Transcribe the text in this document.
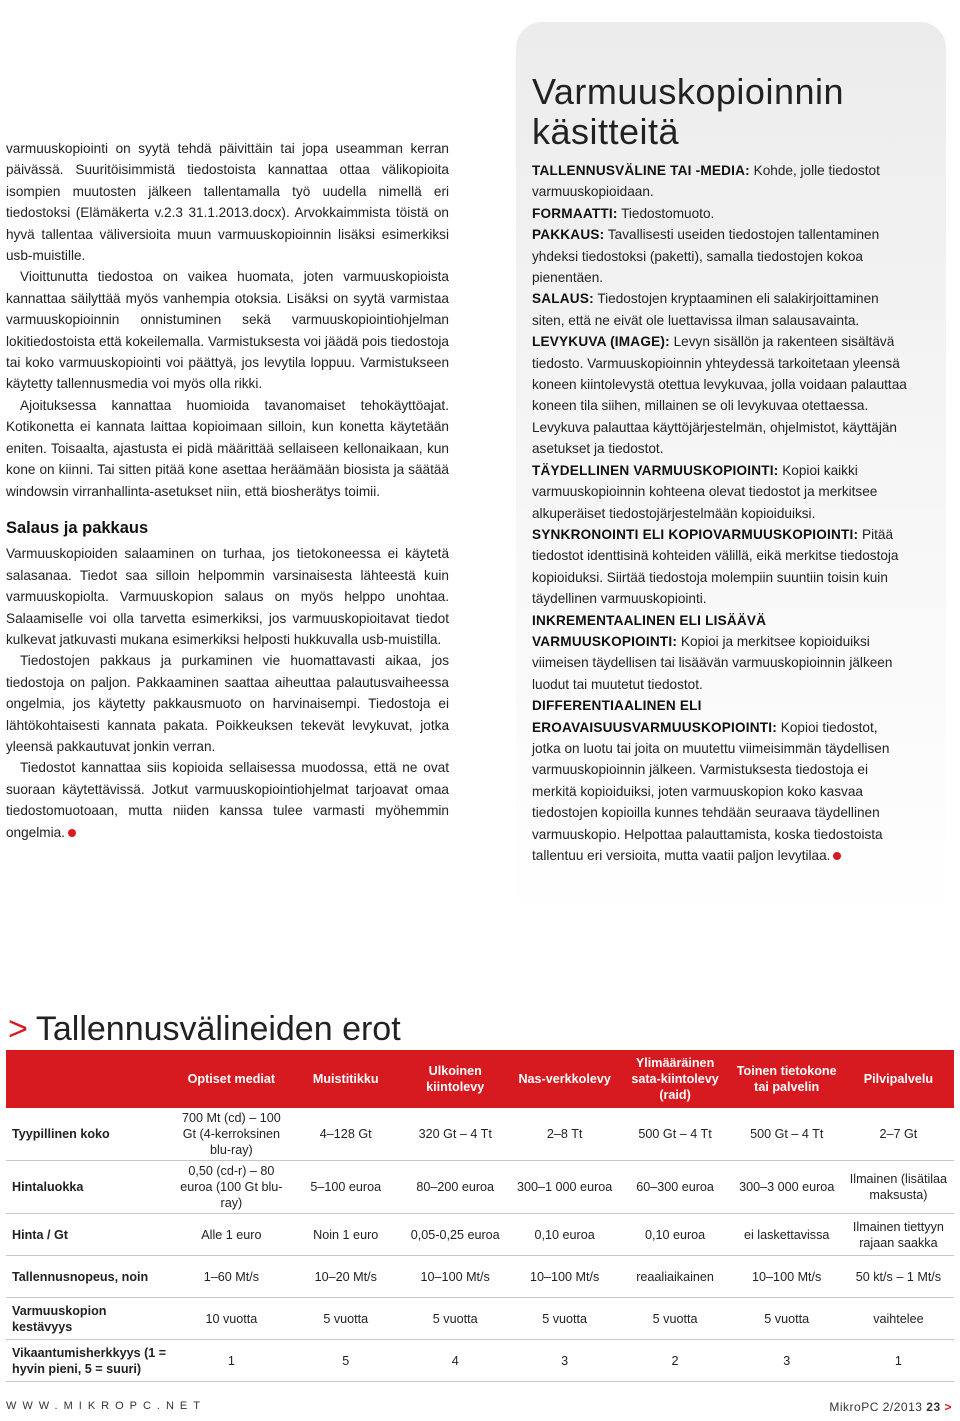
varmuuskopiointi on syytä tehdä päivittäin tai jopa useamman kerran päivässä. Suuritöisimmistä tiedostoista kannattaa ottaa välikopioita isompien muutosten jälkeen tallentamalla työ uudella nimellä eri tiedostoksi (Elämäkerta v.2.3 31.1.2013.docx). Arvokkaimmista töistä on hyvä tallentaa väliversioita muun varmuuskopioinnin lisäksi esimerkiksi usb-muistille.

Vioittunutta tiedostoa on vaikea huomata, joten varmuuskopioista kannattaa säilyttää myös vanhempia otoksia. Lisäksi on syytä varmistaa varmuuskopioinnin onnistuminen sekä varmuuskopiointiohjelman lokitiedostoista että kokeilemalla. Varmistuksesta voi jäädä pois tiedostoja tai koko varmuuskopiointi voi päättyä, jos levytila loppuu. Varmistukseen käytetty tallennusmedia voi myös olla rikki.

Ajoituksessa kannattaa huomioida tavanomaiset tehokäyttöajat. Kotikonetta ei kannata laittaa kopioimaan silloin, kun konetta käytetään eniten. Toisaalta, ajastusta ei pidä määrittää sellaiseen kellonaikaan, kun kone on kiinni. Tai sitten pitää kone asettaa heräämään biosista ja säätää windowsin virranhallinta-asetukset niin, että biosherätys toimii.

Salaus ja pakkaus

Varmuuskopioiden salaaminen on turhaa, jos tietokoneessa ei käytetä salasanaa. Tiedot saa silloin helpommin varsinaisesta lähteestä kuin varmuuskopiolta. Varmuuskopion salaus on myös helppo unohtaa. Salaamiselle voi olla tarvetta esimerkiksi, jos varmuuskopioitavat tiedot kulkevat jatkuvasti mukana esimerkiksi helposti hukkuvalla usb-muistilla.

Tiedostojen pakkaus ja purkaminen vie huomattavasti aikaa, jos tiedostoja on paljon. Pakkaaminen saattaa aiheuttaa palautusvaiheessa ongelmia, jos käytetty pakkausmuoto on harvinaisempi. Tiedostoja ei lähtökohtaisesti kannata pakata. Poikkeuksen tekevät levykuvat, jotka yleensä pakkautuvat jonkin verran.

Tiedostot kannattaa siis kopioida sellaisessa muodossa, että ne ovat suoraan käytettävissä. Jotkut varmuuskopiointiohjelmat tarjoavat omaa tiedostomuotoaan, mutta niiden kanssa tulee varmasti myöhemmin ongelmia.

Varmuuskopioinnin käsitteitä

TALLENNUSVÄLINE TAI -MEDIA: Kohde, jolle tiedostot varmuuskopioidaan.

FORMAATTI: Tiedostomuoto.

PAKKAUS: Tavallisesti useiden tiedostojen tallentaminen yhdeksi tiedostoksi (paketti), samalla tiedostojen kokoa pienentäen.

SALAUS: Tiedostojen kryptaaminen eli salakirjoittaminen siten, että ne eivät ole luettavissa ilman salausavainta.

LEVYKUVA (IMAGE): Levyn sisällön ja rakenteen sisältävä tiedosto. Varmuuskopioinnin yhteydessä tarkoitetaan yleensä koneen kiintolevystä otettua levykuvaa, jolla voidaan palauttaa koneen tila siihen, millainen se oli levykuvaa otettaessa. Levykuva palauttaa käyttöjärjestelmän, ohjelmistot, käyttäjän asetukset ja tiedostot.

TÄYDELLINEN VARMUUSKOPIOINTI: Kopioi kaikki varmuuskopioinnin kohteena olevat tiedostot ja merkitsee alkuperäiset tiedostojärjestelmään kopioiduiksi.

SYNKRONOINTI ELI KOPIOVARMUUSKOPIOINTI: Pitää tiedostot identtisinä kohteiden välillä, eikä merkitse tiedostoja kopioiduksi. Siirtää tiedostoja molempiin suuntiin toisin kuin täydellinen varmuuskopiointi.

INKREMENTAALINEN ELI LISÄÄVÄ VARMUUSKOPIOINTI: Kopioi ja merkitsee kopioiduiksi viimeisen täydellisen tai lisäävän varmuuskopioinnin jälkeen luodut tai muutetut tiedostot.

DIFFERENTIAALINEN ELI EROAVAISUUSVARMUUSKOPIOINTI: Kopioi tiedostot, jotka on luotu tai joita on muutettu viimeisimmän täydellisen varmuuskopioinnin jälkeen. Varmistuksesta tiedostoja ei merkitä kopioiduiksi, joten varmuuskopion koko kasvaa tiedostojen kopioilla kunnes tehdään seuraava täydellinen varmuuskopio. Helpottaa palauttamista, koska tiedostoista tallentuu eri versioita, mutta vaatii paljon levytilaa.

> Tallennusvälineiden erot
	Optiset mediat	Muistitikku	Ulkoinen kiintolevy	Nas-verkkolevy	Ylimääräinen sata-kiintolevy (raid)	Toinen tietokone tai palvelin	Pilvipalvelu
Tyypillinen koko	700 Mt (cd) – 100 Gt (4-kerroksinen blu-ray)	4–128 Gt	320 Gt – 4 Tt	2–8 Tt	500 Gt – 4 Tt	500 Gt – 4 Tt	2–7 Gt
Hintaluokka	0,50 (cd-r) – 80 euroa (100 Gt blu-ray)	5–100 euroa	80–200 euroa	300–1 000 euroa	60–300 euroa	300–3 000 euroa	Ilmainen (lisätilaa maksusta)
Hinta / Gt	Alle 1 euro	Noin 1 euro	0,05-0,25 euroa	0,10 euroa	0,10 euroa	ei laskettavissa	Ilmainen tiettyyn rajaan saakka
Tallennusnopeus, noin	1–60 Mt/s	10–20 Mt/s	10–100 Mt/s	10–100 Mt/s	reaaliaikainen	10–100 Mt/s	50 kt/s – 1 Mt/s
Varmuuskopion kestävyys	10 vuotta	5 vuotta	5 vuotta	5 vuotta	5 vuotta	5 vuotta	vaihtelee
Vikaantumisherkkyys (1 = hyvin pieni, 5 = suuri)	1	5	4	3	2	3	1
WWW.MIKROPC.NET	MikroPC 2/2013 23 >
